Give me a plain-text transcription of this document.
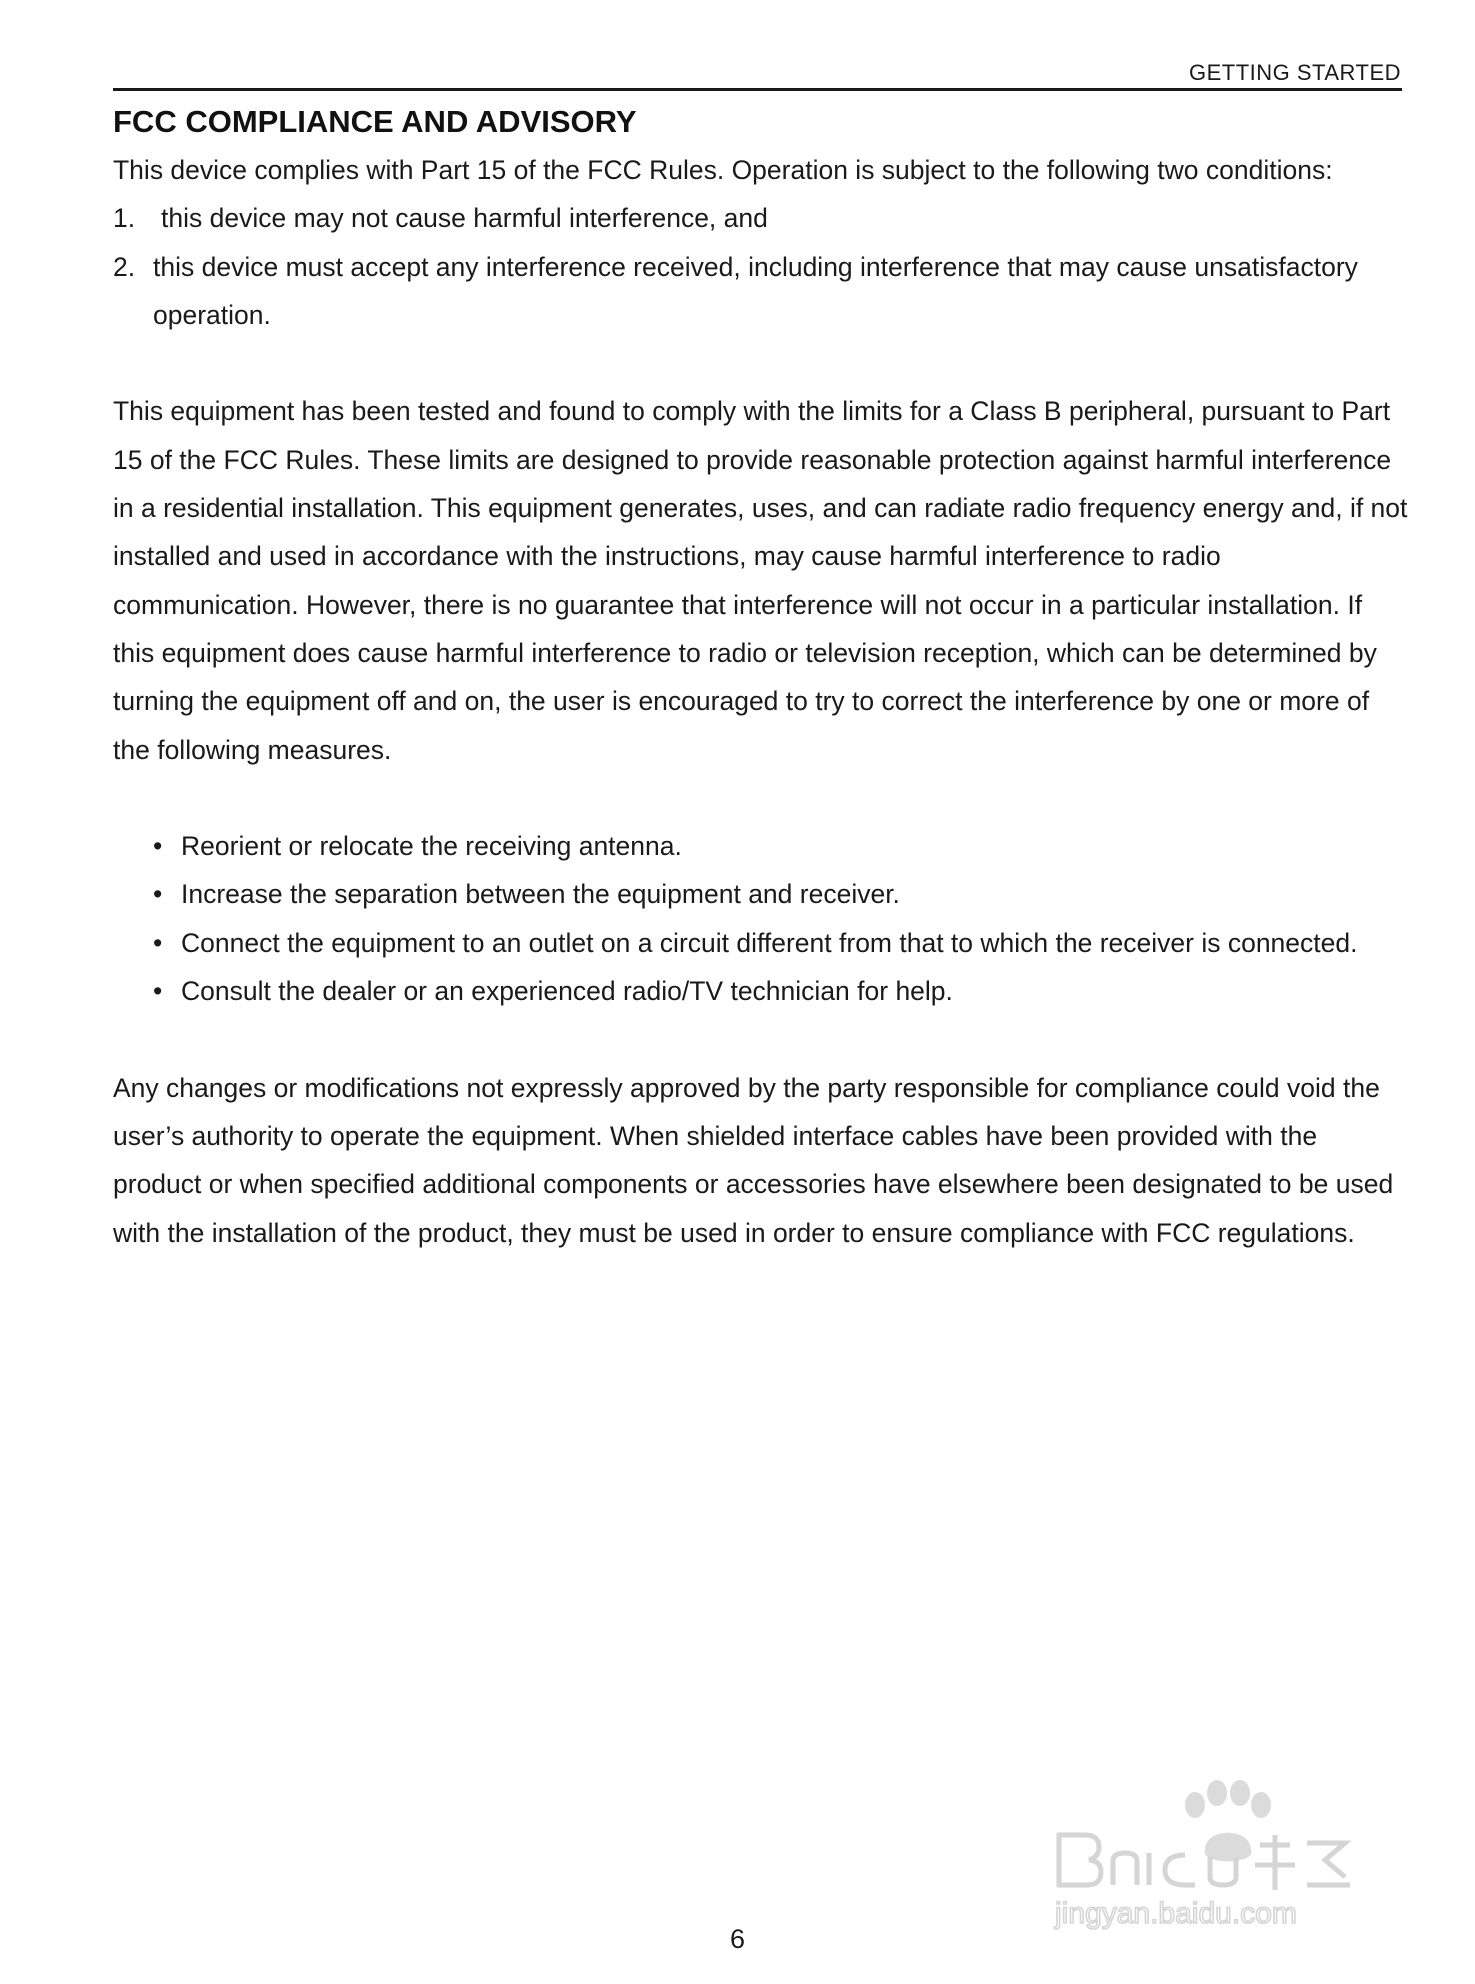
GETTING STARTED
FCC COMPLIANCE AND ADVISORY

This device complies with Part 15 of the FCC Rules. Operation is subject to the following two conditions:

1. this device may not cause harmful interference, and
2. this device must accept any interference received, including interference that may cause unsatisfactory operation.

This equipment has been tested and found to comply with the limits for a Class B peripheral, pursuant to Part 15 of the FCC Rules. These limits are designed to provide reasonable protection against harmful interference in a residential installation. This equipment generates, uses, and can radiate radio frequency energy and, if not installed and used in accordance with the instructions, may cause harmful interference to radio communication. However, there is no guarantee that interference will not occur in a particular installation. If this equipment does cause harmful interference to radio or television reception, which can be determined by turning the equipment off and on, the user is encouraged to try to correct the interference by one or more of the following measures.

• Reorient or relocate the receiving antenna.
• Increase the separation between the equipment and receiver.
• Connect the equipment to an outlet on a circuit different from that to which the receiver is connected.
• Consult the dealer or an experienced radio/TV technician for help.

Any changes or modifications not expressly approved by the party responsible for compliance could void the user’s authority to operate the equipment. When shielded interface cables have been provided with the product or when specified additional components or accessories have elsewhere been designated to be used with the installation of the product, they must be used in order to ensure compliance with FCC regulations.

jingyan.baidu.com
6
